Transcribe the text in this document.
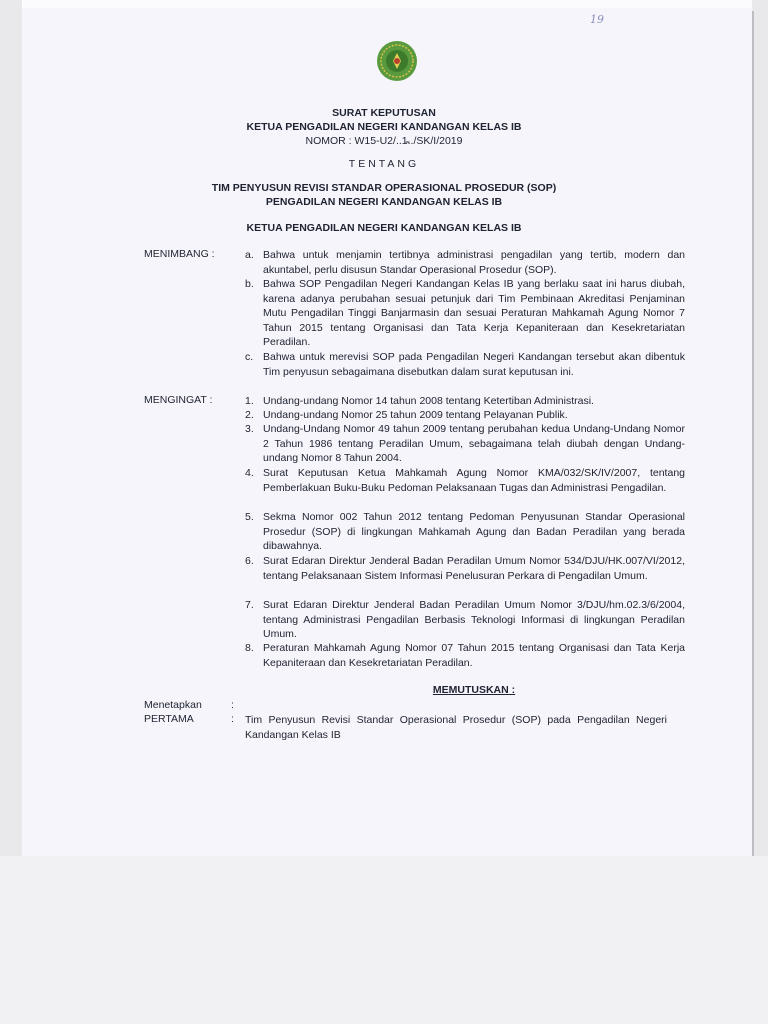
19
SURAT KEPUTUSAN
KETUA PENGADILAN NEGERI KANDANGAN KELAS IB
NOMOR : W15-U2/..1̴̴../SK/I/2019
TENTANG
TIM PENYUSUN REVISI STANDAR OPERASIONAL PROSEDUR (SOP)
PENGADILAN NEGERI KANDANGAN KELAS IB
KETUA PENGADILAN NEGERI KANDANGAN KELAS IB
MENIMBANG :	a. Bahwa untuk menjamin tertibnya administrasi pengadilan yang tertib, modern dan akuntabel, perlu disusun Standar Operasional Prosedur (SOP).
b. Bahwa SOP Pengadilan Negeri Kandangan Kelas IB yang berlaku saat ini harus diubah, karena adanya perubahan sesuai petunjuk dari Tim Pembinaan Akreditasi Penjaminan Mutu Pengadilan Tinggi Banjarmasin dan sesuai Peraturan Mahkamah Agung Nomor 7 Tahun 2015 tentang Organisasi dan Tata Kerja Kepaniteraan dan Kesekretariatan Peradilan.
c. Bahwa untuk merevisi SOP pada Pengadilan Negeri Kandangan tersebut akan dibentuk Tim penyusun sebagaimana disebutkan dalam surat keputusan ini.
MENGINGAT :	1. Undang-undang Nomor 14 tahun 2008 tentang Ketertiban Administrasi.
2. Undang-undang Nomor 25 tahun 2009 tentang Pelayanan Publik.
3. Undang-Undang Nomor 49 tahun 2009 tentang perubahan kedua Undang-Undang Nomor 2 Tahun 1986 tentang Peradilan Umum, sebagaimana telah diubah dengan Undang-undang Nomor 8 Tahun 2004.
4. Surat Keputusan Ketua Mahkamah Agung Nomor KMA/032/SK/IV/2007, tentang Pemberlakuan Buku-Buku Pedoman Pelaksanaan Tugas dan Administrasi Pengadilan.
5. Sekma Nomor 002 Tahun 2012 tentang Pedoman Penyusunan Standar Operasional Prosedur (SOP) di lingkungan Mahkamah Agung dan Badan Peradilan yang berada dibawahnya.
6. Surat Edaran Direktur Jenderal Badan Peradilan Umum Nomor 534/DJU/HK.007/VI/2012, tentang Pelaksanaan Sistem Informasi Penelusuran Perkara di Pengadilan Umum.
7. Surat Edaran Direktur Jenderal Badan Peradilan Umum Nomor 3/DJU/hm.02.3/6/2004, tentang Administrasi Pengadilan Berbasis Teknologi Informasi di lingkungan Peradilan Umum.
8. Peraturan Mahkamah Agung Nomor 07 Tahun 2015 tentang Organisasi dan Tata Kerja Kepaniteraan dan Kesekretariatan Peradilan.
MEMUTUSKAN :
Menetapkan	:
PERTAMA	: Tim Penyusun Revisi Standar Operasional Prosedur (SOP) pada Pengadilan Negeri Kandangan Kelas IB
